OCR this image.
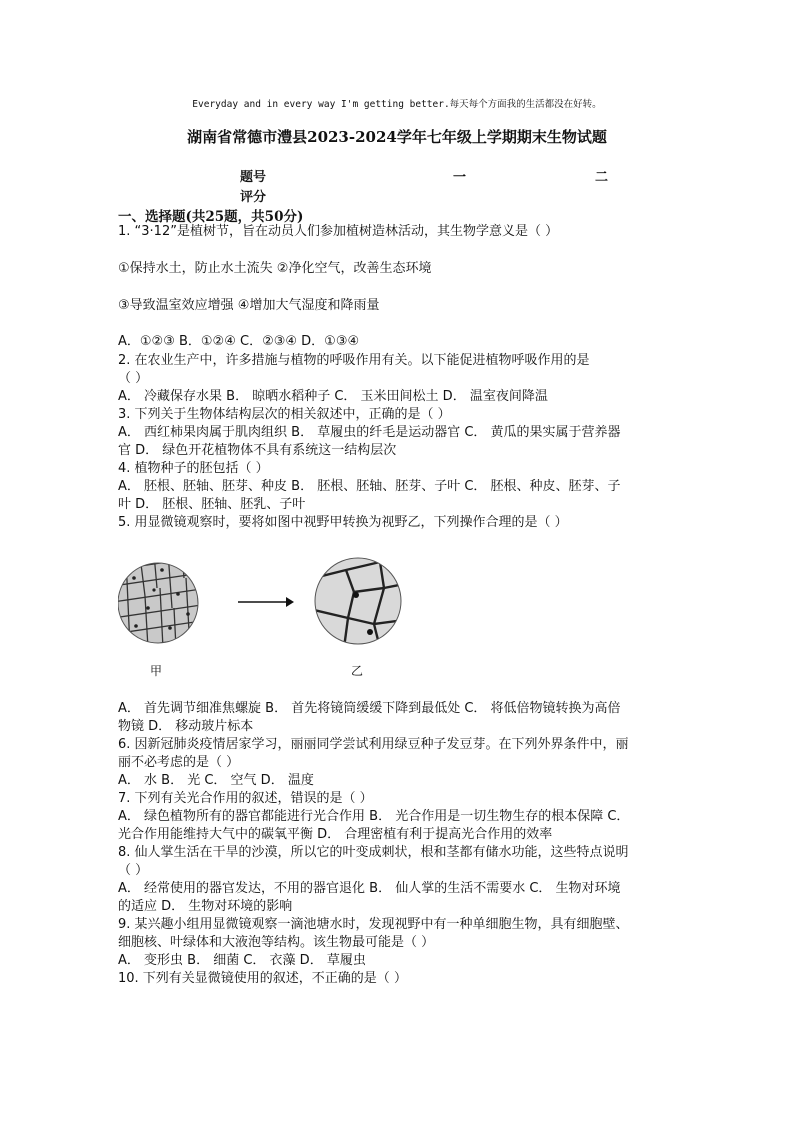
Everyday and in every way I'm getting better.每天每个方面我的生活都没在好转。
湖南省常德市澧县2023-2024学年七年级上学期期末生物试题
题号	一	二
评分
一、选择题(共25题，共50分)
1. “3·12”是植树节，旨在动员人们参加植树造林活动，其生物学意义是（ ）
①保持水土，防止水土流失 ②净化空气，改善生态环境
③导致温室效应增强 ④增加大气湿度和降雨量
A．①②③ B．①②④ C．②③④ D．①③④
2. 在农业生产中，许多措施与植物的呼吸作用有关。以下能促进植物呼吸作用的是
（ ）
A． 冷藏保存水果 B． 晾晒水稻种子 C． 玉米田间松土 D． 温室夜间降温
3. 下列关于生物体结构层次的相关叙述中，正确的是（ ）
A． 西红柿果肉属于肌肉组织 B． 草履虫的纤毛是运动器官 C． 黄瓜的果实属于营养器
官 D． 绿色开花植物体不具有系统这一结构层次
4. 植物种子的胚包括（ ）
A． 胚根、胚轴、胚芽、种皮 B． 胚根、胚轴、胚芽、子叶 C． 胚根、种皮、胚芽、子
叶 D． 胚根、胚轴、胚乳、子叶
5. 用显微镜观察时，要将如图中视野甲转换为视野乙，下列操作合理的是（ ）
甲	乙
A． 首先调节细准焦螺旋 B． 首先将镜筒缓缓下降到最低处 C． 将低倍物镜转换为高倍
物镜 D． 移动玻片标本
6. 因新冠肺炎疫情居家学习，丽丽同学尝试利用绿豆种子发豆芽。在下列外界条件中，丽
丽不必考虑的是（ ）
A． 水 B． 光 C． 空气 D． 温度
7. 下列有关光合作用的叙述，错误的是（ ）
A． 绿色植物所有的器官都能进行光合作用 B． 光合作用是一切生物生存的根本保障 C．
光合作用能维持大气中的碳氧平衡 D． 合理密植有利于提高光合作用的效率
8. 仙人掌生活在干旱的沙漠，所以它的叶变成刺状，根和茎都有储水功能，这些特点说明
（ ）
A． 经常使用的器官发达，不用的器官退化 B． 仙人掌的生活不需要水 C． 生物对环境
的适应 D． 生物对环境的影响
9. 某兴趣小组用显微镜观察一滴池塘水时，发现视野中有一种单细胞生物，具有细胞壁、
细胞核、叶绿体和大液泡等结构。该生物最可能是（ ）
A． 变形虫 B． 细菌 C． 衣藻 D． 草履虫
10. 下列有关显微镜使用的叙述，不正确的是（ ）
